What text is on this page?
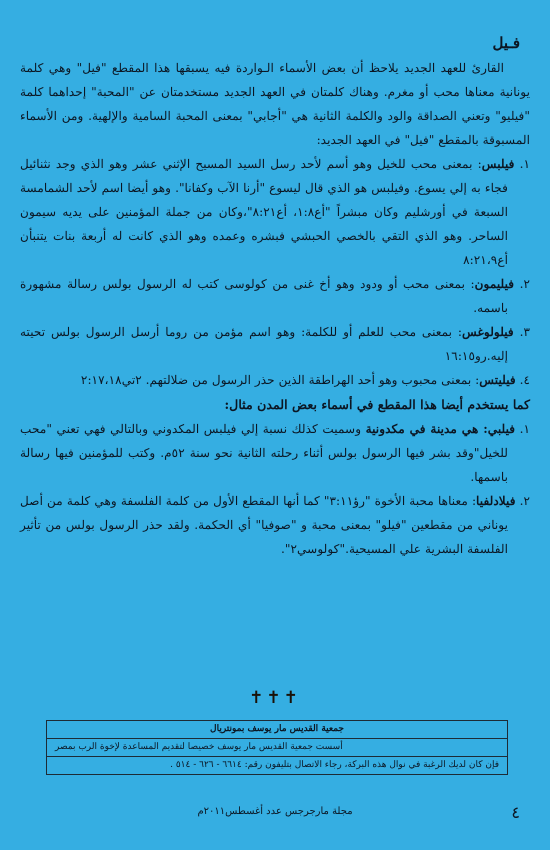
فـيل

القارئ للعهد الجديد يلاحظ أن بعض الأسماء الـواردة فيه يسبقها هذا المقطع "فيل" وهي كلمة يونانية معناها محب أو مغرم. وهناك كلمتان في العهد الجديد مستخدمتان عن "المحبة" إحداهما كلمة "فيليو" وتعني الصداقة والود والكلمة الثانية هي "أجابي" بمعنى المحبة السامية والإلهية. ومن الأسماء المسبوقة بالمقطع "فيل" في العهد الجديد:

١. فيلبس: بمعنى محب للخيل وهو أسم لأحد رسل السيد المسيح الإثني عشر وهو الذي وجد نثنائيل فجاء به إلي يسوع. وفيلبس هو الذي قال ليسوع "أرنا الآب وكفانا". وهو أيضا اسم لأحد الشمامسة السبعة في أورشليم وكان مبشراً "أع١:٨، أع٨:٢١"،وكان من جملة المؤمنين على يديه سيمون الساحر. وهو الذي التقي بالخصي الحبشي فبشره وعمده وهو الذي كانت له أربعة بنات يتنبأن أع٨:٢١،٩

٢. فيليمون: بمعنى محب أو ودود وهو أخ غنى من كولوسى كتب له الرسول بولس رسالة مشهورة باسمه.

٣. فيلولوغس: بمعنى محب للعلم أو للكلمة: وهو اسم مؤمن من روما أرسل الرسول بولس تحيته إليه.رو١٦:١٥

٤. فيليتس: بمعنى محبوب وهو أحد الهراطقة الذين حذر الرسول من ضلالتهم. ٢تي٢:١٧،١٨

كما يستخدم أيضا هذا المقطع في أسماء بعض المدن مثال:

١. فيلبي: هي مدينة في مكدونية وسميت كذلك نسبة إلي فيلبس المكدوني وبالتالي فهي تعني "محب للخيل"وقد بشر فيها الرسول بولس أثناء رحلته الثانية نحو سنة ٥٢م. وكتب للمؤمنين فيها رسالة باسمها.

٢. فيلادلفيا: معناها محبة الأخوة "رؤ٣:١١" كما أنها المقطع الأول من كلمة الفلسفة وهي كلمة من أصل يوناني من مقطعين "فيلو" بمعنى محبة و "صوفيا" أي الحكمة. ولقد حذر الرسول بولس من تأثير الفلسفة البشرية علي المسيحية."كولوسي٢".

✝✝✝
جمعية القديس مار يوسف بمونتريال
أسست جمعية القديس مار يوسف خصيصا لتقديم المساعدة لإخوة الرب بمصر
فإن كان لديك الرغبة في نوال هذه البركة، رجاء الاتصال بتليفون رقم: ٦٦١٤ - ٦٢٦ - ٥١٤ .
٤
مجلة مارجرجس عدد أغسطس٢٠١١م
